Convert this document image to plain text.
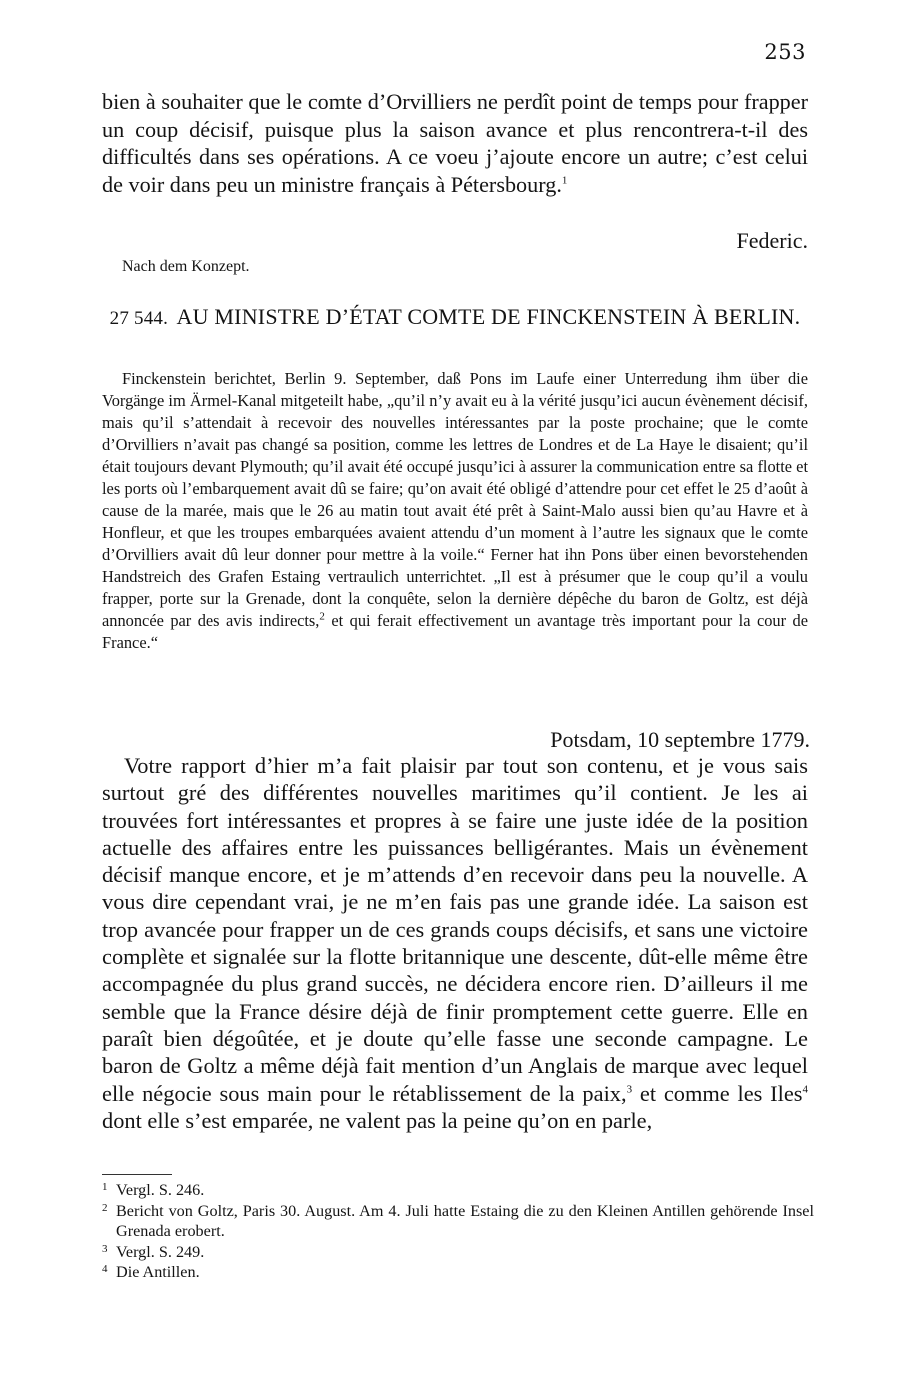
253

bien à souhaiter que le comte d’Orvilliers ne perdît point de temps pour frapper un coup décisif, puisque plus la saison avance et plus rencontrera-t-il des difficultés dans ses opérations. A ce voeu j’ajoute encore un autre; c’est celui de voir dans peu un ministre français à Pétersbourg.$^1$

Federic.
Nach dem Konzept.
27 544. AU MINISTRE D’ÉTAT COMTE DE FINCKENSTEIN À BERLIN.

Finckenstein berichtet, Berlin 9. September, daß Pons im Laufe einer Unterredung ihm über die Vorgänge im Ärmel-Kanal mitgeteilt habe, „qu’il n’y avait eu à la vérité jusqu’ici aucun évènement décisif, mais qu’il s’attendait à recevoir des nouvelles intéressantes par la poste prochaine; que le comte d’Orvilliers n’avait pas changé sa position, comme les lettres de Londres et de La Haye le disaient; qu’il était toujours devant Plymouth; qu’il avait été occupé jusqu’ici à assurer la communication entre sa flotte et les ports où l’embarquement avait dû se faire; qu’on avait été obligé d’attendre pour cet effet le 25 d’août à cause de la marée, mais que le 26 au matin tout avait été prêt à Saint-Malo aussi bien qu’au Havre et à Honfleur, et que les troupes embarquées avaient attendu d’un moment à l’autre les signaux que le comte d’Orvilliers avait dû leur donner pour mettre à la voile.“ Ferner hat ihn Pons über einen bevorstehenden Handstreich des Grafen Estaing vertraulich unterrichtet. „Il est à présumer que le coup qu’il a voulu frapper, porte sur la Grenade, dont la conquête, selon la dernière dépêche du baron de Goltz, est déjà annoncée par des avis indirects,$^2$ et qui ferait effectivement un avantage très important pour la cour de France.“

Potsdam, 10 septembre 1779.

Votre rapport d’hier m’a fait plaisir par tout son contenu, et je vous sais surtout gré des différentes nouvelles maritimes qu’il contient. Je les ai trouvées fort intéressantes et propres à se faire une juste idée de la position actuelle des affaires entre les puissances belligérantes. Mais un évènement décisif manque encore, et je m’attends d’en recevoir dans peu la nouvelle. A vous dire cependant vrai, je ne m’en fais pas une grande idée. La saison est trop avancée pour frapper un de ces grands coups décisifs, et sans une victoire complète et signalée sur la flotte britannique une descente, dût-elle même être accompagnée du plus grand succès, ne décidera encore rien. D’ailleurs il me semble que la France désire déjà de finir promptement cette guerre. Elle en paraît bien dégoûtée, et je doute qu’elle fasse une seconde campagne. Le baron de Goltz a même déjà fait mention d’un Anglais de marque avec lequel elle négocie sous main pour le rétablissement de la paix,$^3$ et comme les Iles$^4$ dont elle s’est emparée, ne valent pas la peine qu’on en parle,

1 Vergl. S. 246.
2 Bericht von Goltz, Paris 30. August. Am 4. Juli hatte Estaing die zu den Kleinen Antillen gehörende Insel Grenada erobert.
3 Vergl. S. 249.
4 Die Antillen.
